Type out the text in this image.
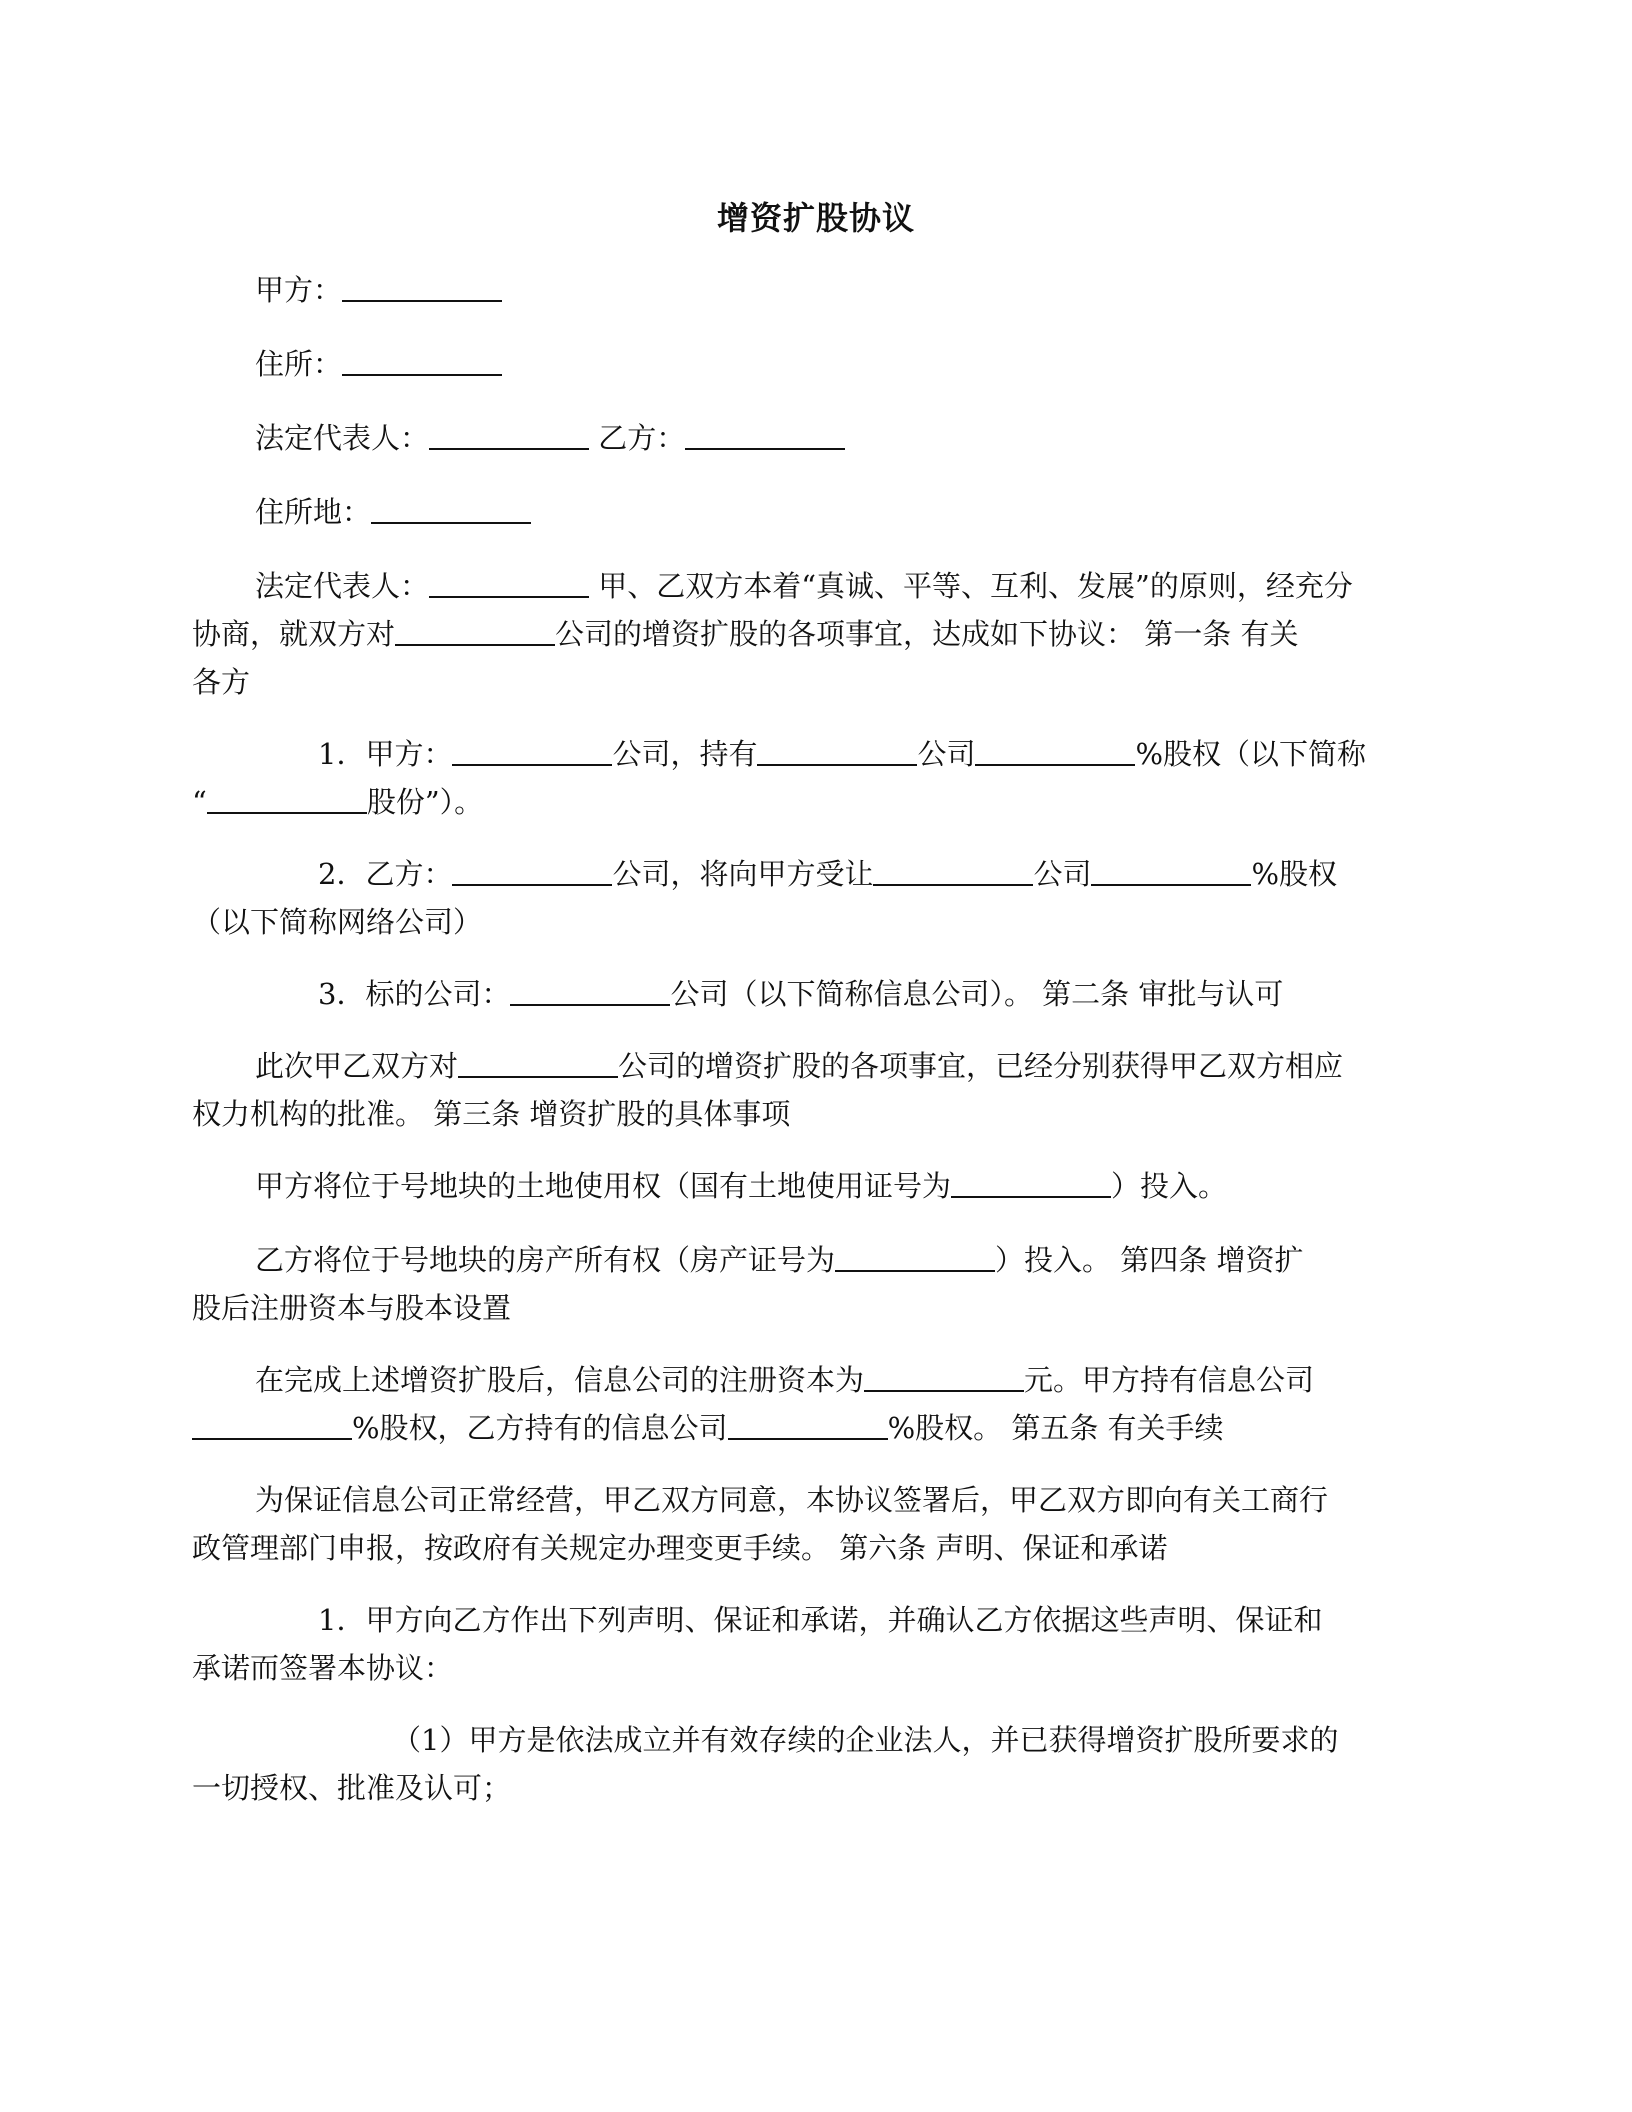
增资扩股协议
甲方：
住所：
法定代表人：	乙方：
住所地：
法定代表人：	甲、乙双方本着“真诚、平等、互利、发展”的原则，经充分
协商，就双方对	公司的增资扩股的各项事宜，达成如下协议： 第一条 有关
各方
1．甲方：	公司，持有	公司	%股权（以下简称
“	股份”）。
2．乙方：	公司，将向甲方受让	公司	%股权
（以下简称网络公司）
3．标的公司：	公司（以下简称信息公司）。 第二条 审批与认可
此次甲乙双方对	公司的增资扩股的各项事宜，已经分别获得甲乙双方相应
权力机构的批准。 第三条 增资扩股的具体事项
甲方将位于号地块的土地使用权（国有土地使用证号为	）投入。
乙方将位于号地块的房产所有权（房产证号为	）投入。 第四条 增资扩
股后注册资本与股本设置
在完成上述增资扩股后，信息公司的注册资本为	元。甲方持有信息公司
%股权，乙方持有的信息公司	%股权。 第五条 有关手续
为保证信息公司正常经营，甲乙双方同意，本协议签署后，甲乙双方即向有关工商行
政管理部门申报，按政府有关规定办理变更手续。 第六条 声明、保证和承诺
1．甲方向乙方作出下列声明、保证和承诺，并确认乙方依据这些声明、保证和
承诺而签署本协议：
（1）甲方是依法成立并有效存续的企业法人，并已获得增资扩股所要求的
一切授权、批准及认可；
